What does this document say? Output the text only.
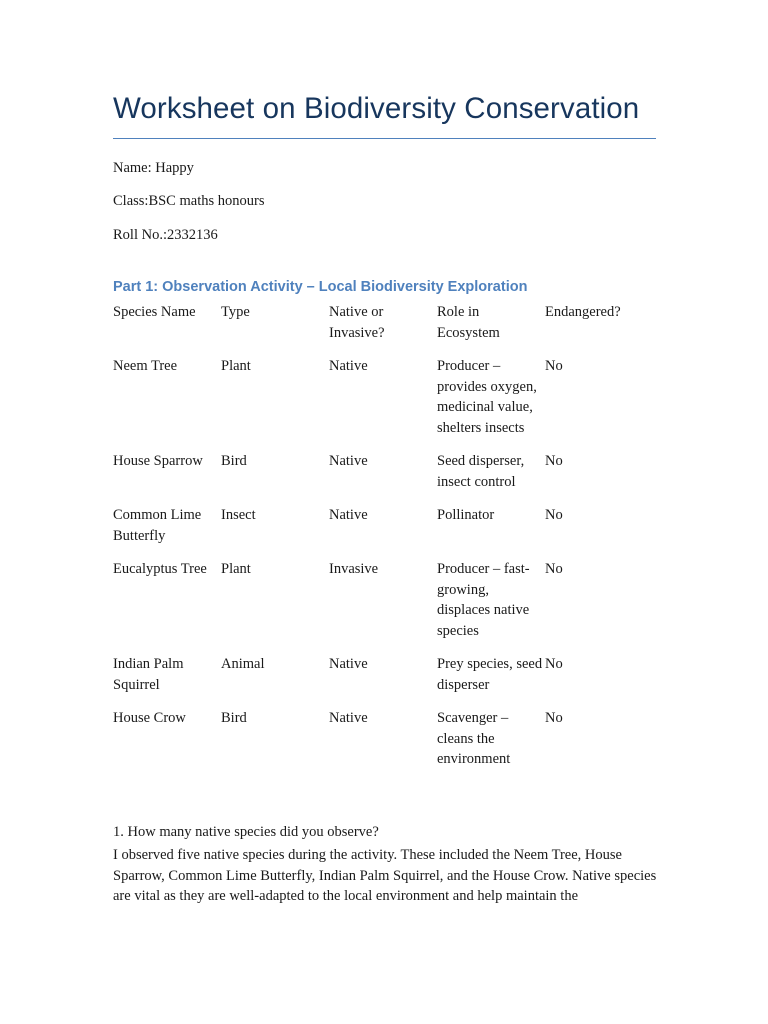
Worksheet on Biodiversity Conservation
Name: Happy
Class:BSC maths honours
Roll No.:2332136
Part 1: Observation Activity – Local Biodiversity Exploration
Species Name	Type	Native or Invasive?	Role in Ecosystem	Endangered?
Neem Tree	Plant	Native	Producer – provides oxygen, medicinal value, shelters insects	No
House Sparrow	Bird	Native	Seed disperser, insect control	No
Common Lime Butterfly	Insect	Native	Pollinator	No
Eucalyptus Tree	Plant	Invasive	Producer – fast-growing, displaces native species	No
Indian Palm Squirrel	Animal	Native	Prey species, seed disperser	No
House Crow	Bird	Native	Scavenger – cleans the environment	No
1. How many native species did you observe?
I observed five native species during the activity. These included the Neem Tree, House Sparrow, Common Lime Butterfly, Indian Palm Squirrel, and the House Crow. Native species are vital as they are well-adapted to the local environment and help maintain the
